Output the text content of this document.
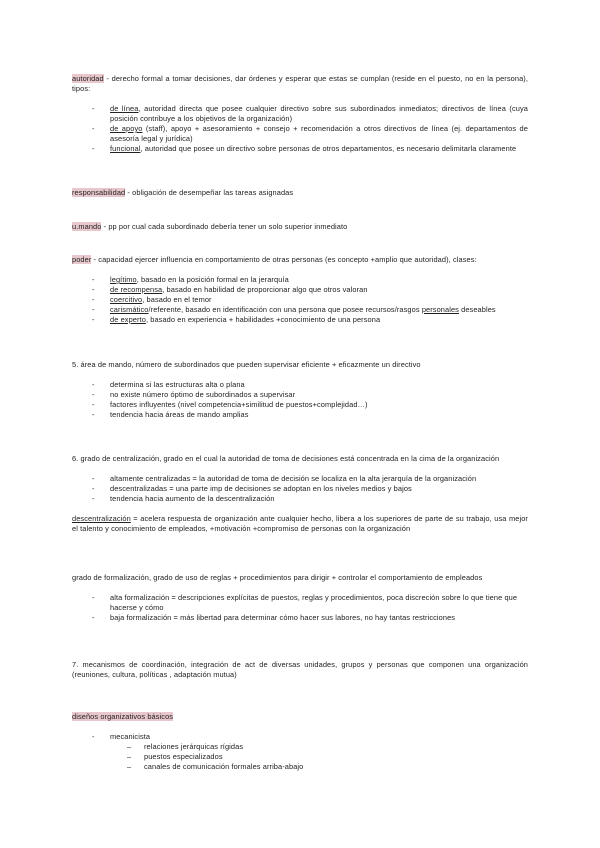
autoridad - derecho formal a tomar decisiones, dar órdenes y esperar que estas se cumplan (reside en el puesto, no en la persona), tipos:

- de línea, autoridad directa que posee cualquier directivo sobre sus subordinados inmediatos; directivos de línea (cuya posición contribuye a los objetivos de la organización)
- de apoyo (staff), apoyo + asesoramiento + consejo + recomendación a otros directivos de línea (ej. departamentos de asesoría legal y jurídica)
- funcional, autoridad que posee un directivo sobre personas de otros departamentos, es necesario delimitarla claramente

responsabilidad - obligación de desempeñar las tareas asignadas

u.mando - pp por cual cada subordinado debería tener un solo superior inmediato

poder - capacidad ejercer influencia en comportamiento de otras personas (es concepto +amplio que autoridad), clases:

- legítimo, basado en la posición formal en la jerarquía
- de recompensa, basado en habilidad de proporcionar algo que otros valoran
- coercitivo, basado en el temor
- carismático/referente, basado en identificación con una persona que posee recursos/rasgos personales deseables
- de experto, basado en experiencia + habilidades +conocimiento de una persona

5. área de mando, número de subordinados que pueden supervisar eficiente + eficazmente un directivo

- determina si las estructuras alta o plana
- no existe número óptimo de subordinados a supervisar
- factores influyentes (nivel competencia+similitud de puestos+complejidad…)
- tendencia hacia áreas de mando amplias

6. grado de centralización, grado en el cual la autoridad de toma de decisiones está concentrada en la cima de la organización

- altamente centralizadas = la autoridad de toma de decisión se localiza en la alta jerarquía de la organización
- descentralizadas = una parte imp de decisiones se adoptan en los niveles medios y bajos
- tendencia hacia aumento de la descentralización

descentralización = acelera respuesta de organización ante cualquier hecho, libera a los superiores de parte de su trabajo, usa mejor el talento y conocimiento de empleados, +motivación +compromiso de personas con la organización

grado de formalización, grado de uso de reglas + procedimientos para dirigir + controlar el comportamiento de empleados

- alta formalización = descripciones explícitas de puestos, reglas y procedimientos, poca discreción sobre lo que tiene que hacerse y cómo
- baja formalización = más libertad para determinar cómo hacer sus labores, no hay tantas restricciones

7. mecanismos de coordinación, integración de act de diversas unidades, grupos y personas que componen una organización (reuniones, cultura, políticas , adaptación mutua)

diseños organizativos básicos

- mecanicista
– relaciones jerárquicas rígidas
– puestos especializados
– canales de comunicación formales arriba-abajo
